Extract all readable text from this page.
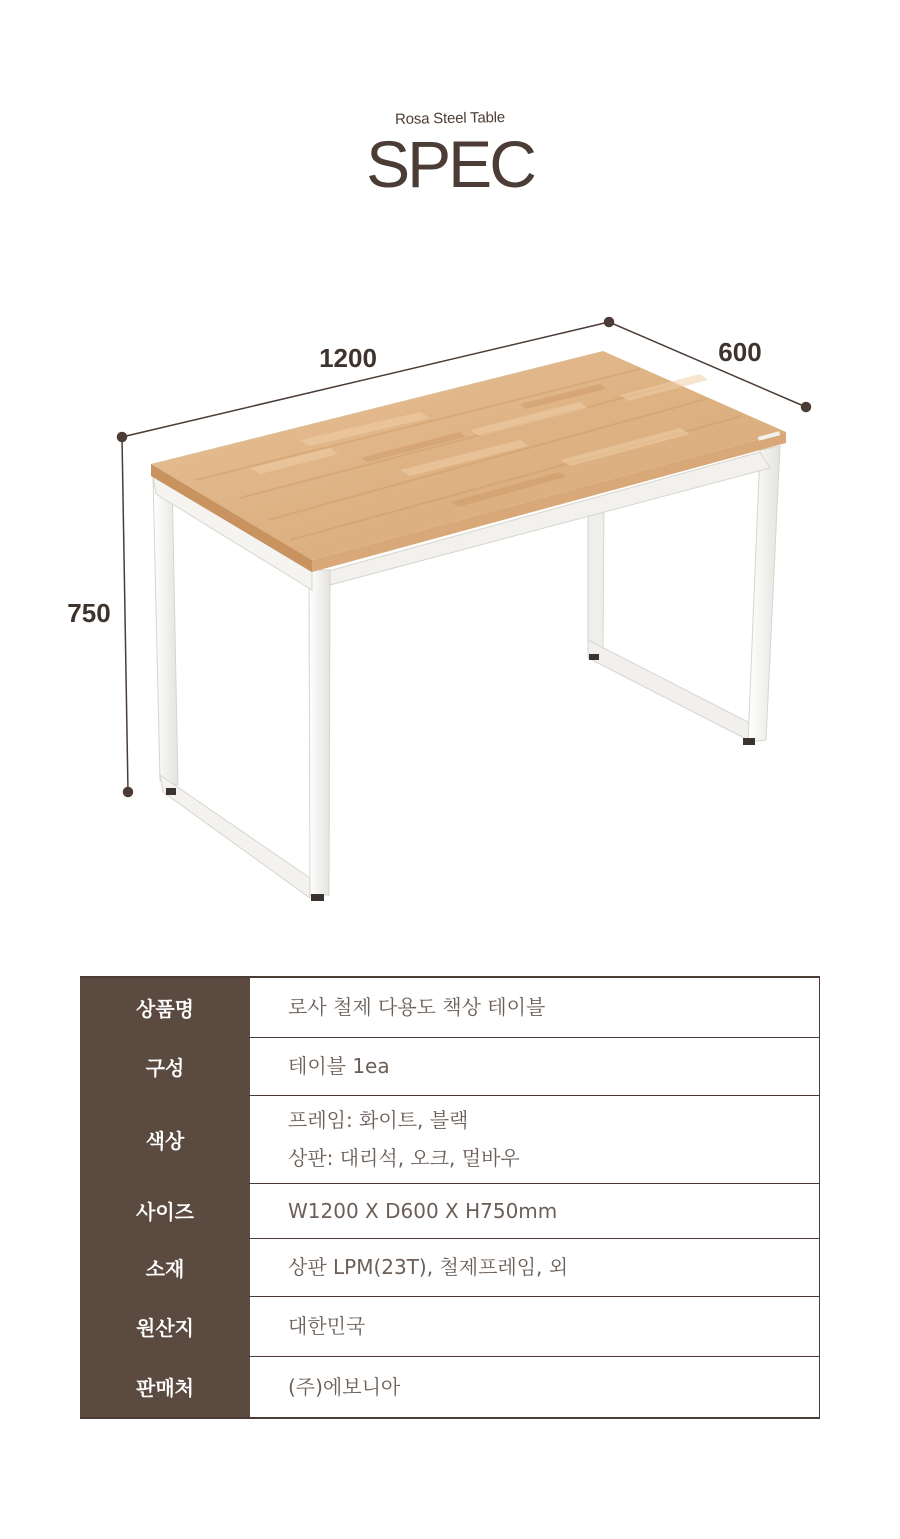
Rosa Steel Table
SPEC
1200	600
750
상품명	로사 철제 다용도 책상 테이블

구성	테이블 1ea

색상	프레임: 화이트, 블랙
상판: 대리석, 오크, 멀바우

사이즈	W1200 X D600 X H750mm

소재	상판 LPM(23T), 철제프레임, 외

원산지	대한민국

판매처	(주)에보니아
